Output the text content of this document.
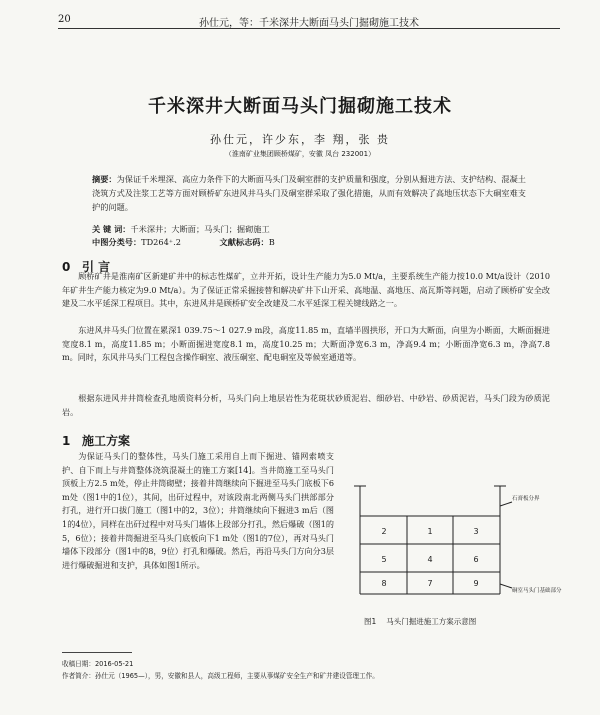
20	孙仕元，等：千米深井大断面马头门掘砌施工技术
千米深井大断面马头门掘砌施工技术
孙仕元，许少东，李 翔，张 贵
（淮南矿业集团顾桥煤矿，安徽 凤台 232001）
摘要：为保证千米埋深、高应力条件下的大断面马头门及硐室群的支护质量和强度，分别从掘进方法、支护结构、混凝土浇筑方式及注浆工艺等方面对顾桥矿东进风井马头门及硐室群采取了强化措施，从而有效解决了高地压状态下大硐室难支护的问题。
关 键 词：千米深井；大断面；马头门；掘砌施工
中图分类号：TD264⁺.2	文献标志码：B
0 引 言

顾桥矿井是淮南矿区新建矿井中的标志性煤矿，立井开拓，设计生产能力为5.0 Mt/a，主要系统生产能力按10.0 Mt/a设计（2010年矿井生产能力核定为9.0 Mt/a）。为了保证正常采掘接替和解决矿井下山开采、高地温、高地压、高瓦斯等问题，启动了顾桥矿安全改建及二水平延深工程项目。其中，东进风井是顾桥矿安全改建及二水平延深工程关键线路之一。

东进风井马头门位置在累深1 039.75～1 027.9 m段，高度11.85 m，直墙半圆拱形，开口为大断面，向里为小断面，大断面掘进宽度8.1 m，高度11.85 m；小断面掘进宽度8.1 m，高度10.25 m；大断面净宽6.3 m，净高9.4 m；小断面净宽6.3 m，净高7.8 m。同时，东风井马头门工程包含操作硐室、液压硐室、配电硐室及等候室通道等。

根据东进风井井筒检查孔地质资料分析，马头门向上地层岩性为花斑状砂质泥岩、细砂岩、中砂岩、砂质泥岩，马头门段为砂质泥岩。

1 施工方案

为保证马头门的整体性，马头门施工采用自上而下掘进、锚网索喷支护、自下而上与井筒整体浇筑混凝土的施工方案[14]。当井筒施工至马头门顶板上方2.5 m处，停止井筒砌壁；接着井筒继续向下掘进至马头门底板下6 m处（图1中的1位），其间，出矸过程中，对该段南北两侧马头门拱部部分打孔，进行开口拔门施工（图1中的2，3位）；井筒继续向下掘进3 m后（图1的4位），同样在出矸过程中对马头门墙体上段部分打孔，然后爆破（图1的5，6位）；接着井筒掘进至马头门底板向下1 m处（图1的7位），再对马头门墙体下段部分（图1中的8，9位）打孔和爆破。然后，再沿马头门方向分3层进行爆破掘进和支护，具体如图1所示。

1
2	3
4
5	6
7
8	9
石膏板分界
硐室马头门基础部分
图1 马头门掘进施工方案示意图
收稿日期：2016-05-21
作者简介：孙仕元（1965—），男，安徽和县人，高级工程师，主要从事煤矿安全生产和矿井建设管理工作。
